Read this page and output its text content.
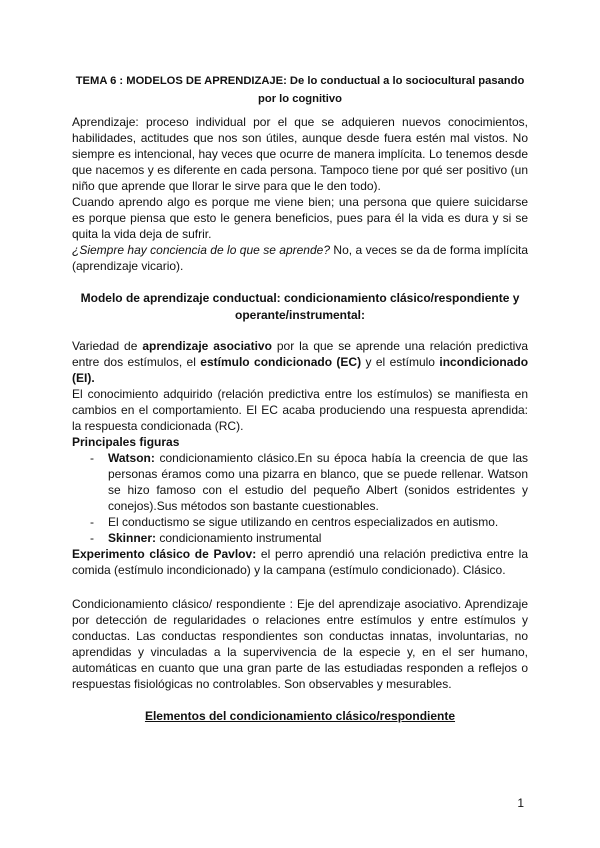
TEMA 6 : MODELOS DE APRENDIZAJE: De lo conductual a lo sociocultural pasando
por lo cognitivo

Aprendizaje: proceso individual por el que se adquieren nuevos conocimientos, habilidades, actitudes que nos son útiles, aunque desde fuera estén mal vistos. No siempre es intencional, hay veces que ocurre de manera implícita. Lo tenemos desde que nacemos y es diferente en cada persona. Tampoco tiene por qué ser positivo (un niño que aprende que llorar le sirve para que le den todo).

Cuando aprendo algo es porque me viene bien; una persona que quiere suicidarse es porque piensa que esto le genera beneficios, pues para él la vida es dura y si se quita la vida deja de sufrir.

¿Siempre hay conciencia de lo que se aprende? No, a veces se da de forma implícita (aprendizaje vicario).

Modelo de aprendizaje conductual: condicionamiento clásico/respondiente y
operante/instrumental:

Variedad de aprendizaje asociativo por la que se aprende una relación predictiva entre dos estímulos, el estímulo condicionado (EC) y el estímulo incondicionado (EI).

El conocimiento adquirido (relación predictiva entre los estímulos) se manifiesta en cambios en el comportamiento. El EC acaba produciendo una respuesta aprendida: la respuesta condicionada (RC).

Principales figuras

- Watson: condicionamiento clásico.En su época había la creencia de que las personas éramos como una pizarra en blanco, que se puede rellenar. Watson se hizo famoso con el estudio del pequeño Albert (sonidos estridentes y conejos).Sus métodos son bastante cuestionables.
- El conductismo se sigue utilizando en centros especializados en autismo.
- Skinner: condicionamiento instrumental

Experimento clásico de Pavlov: el perro aprendió una relación predictiva entre la comida (estímulo incondicionado) y la campana (estímulo condicionado). Clásico.

Condicionamiento clásico/ respondiente : Eje del aprendizaje asociativo. Aprendizaje por detección de regularidades o relaciones entre estímulos y entre estímulos y conductas. Las conductas respondientes son conductas innatas, involuntarias, no aprendidas y vinculadas a la supervivencia de la especie y, en el ser humano, automáticas en cuanto que una gran parte de las estudiadas responden a reflejos o respuestas fisiológicas no controlables. Son observables y mesurables.

Elementos del condicionamiento clásico/respondiente
1
